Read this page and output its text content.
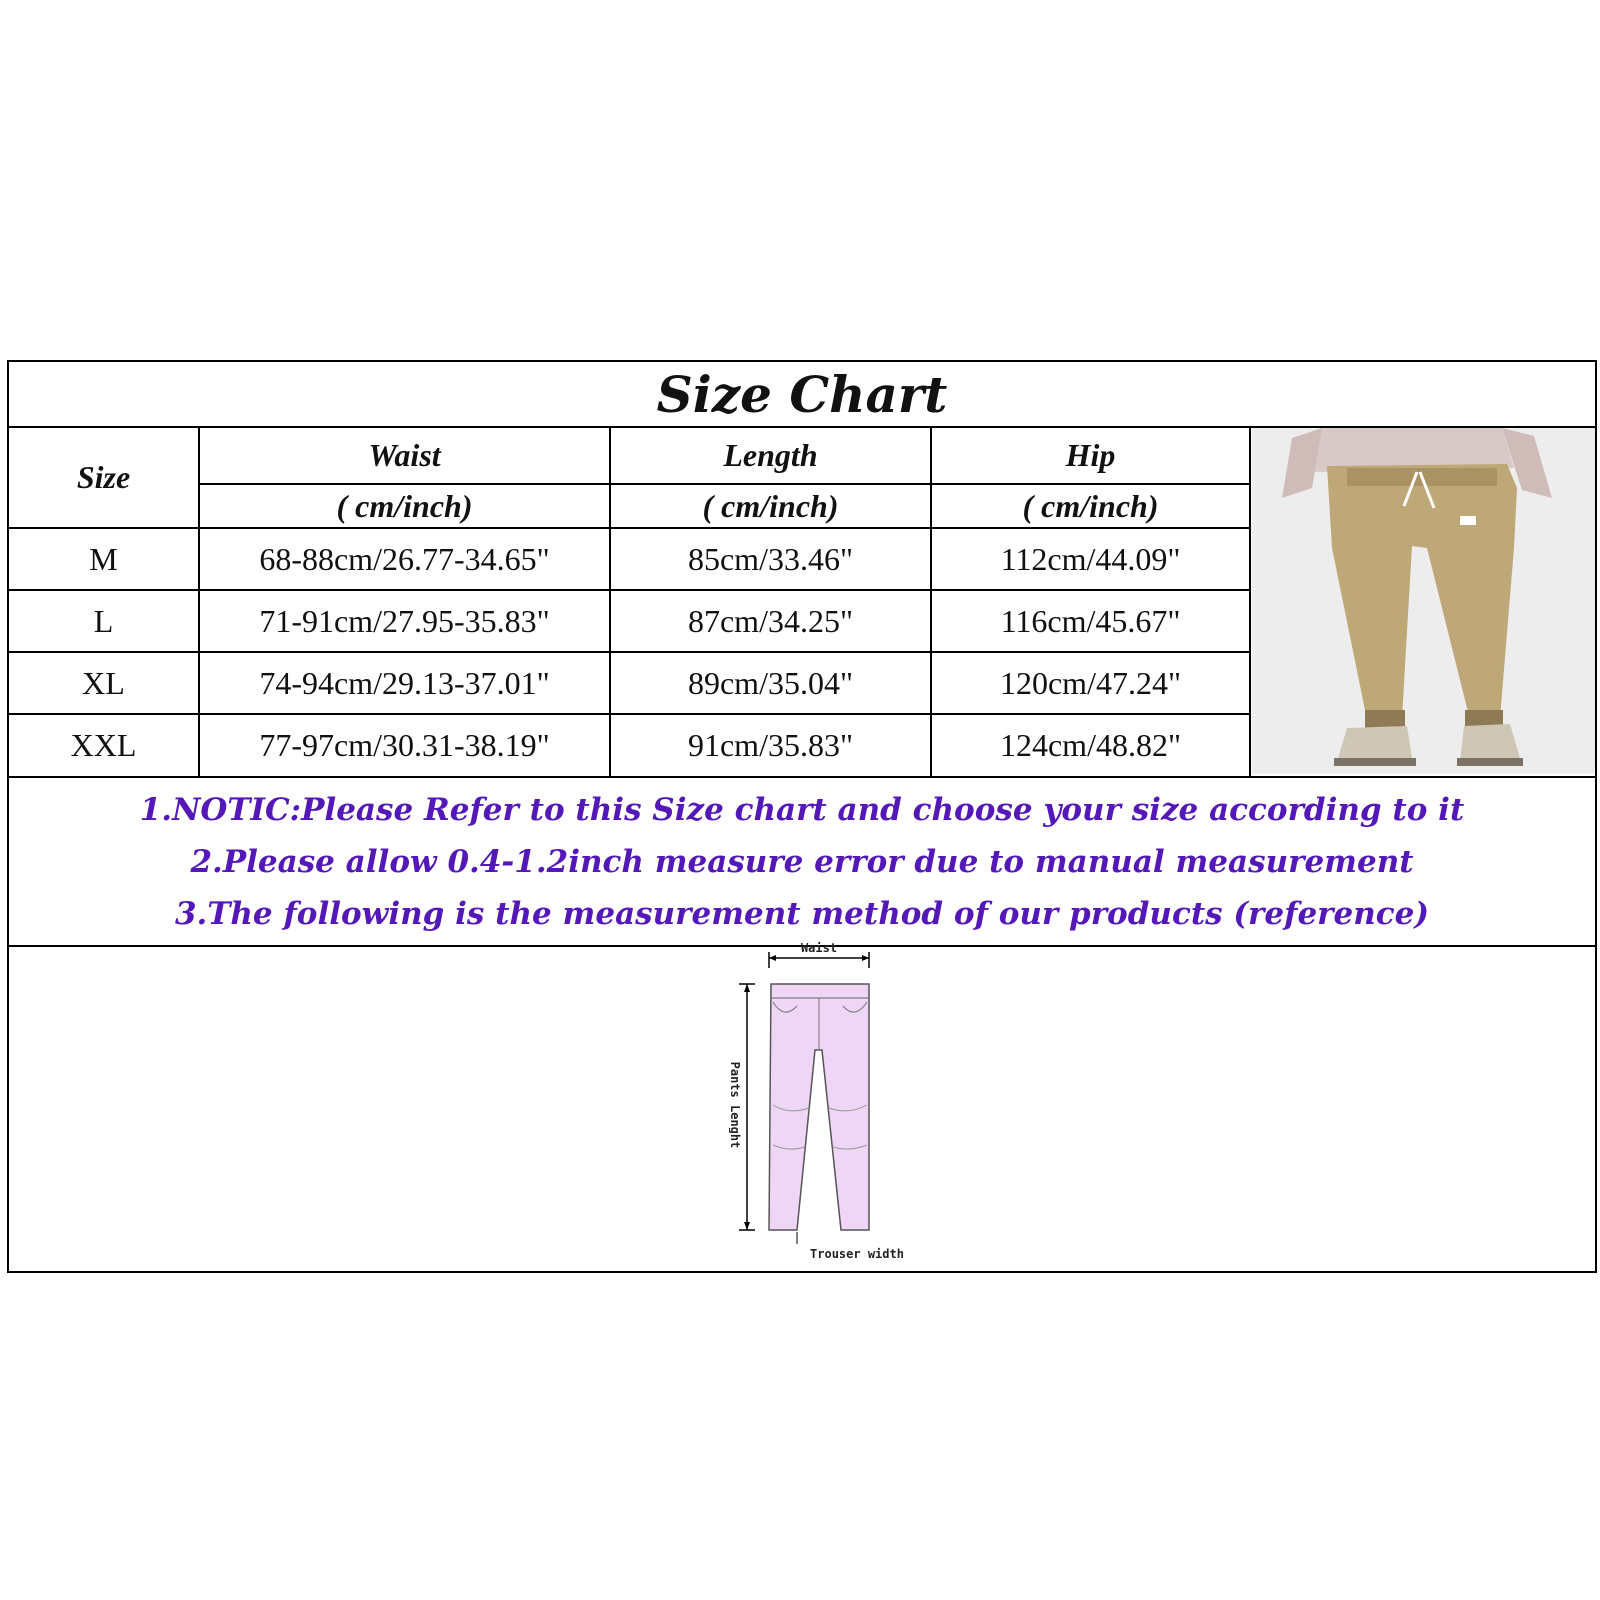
Size Chart
Size	Waist	Length	Hip
	( cm/inch)	( cm/inch)	( cm/inch)
M	68-88cm/26.77-34.65"	85cm/33.46"	112cm/44.09"
L	71-91cm/27.95-35.83"	87cm/34.25"	116cm/45.67"
XL	74-94cm/29.13-37.01"	89cm/35.04"	120cm/47.24"
XXL	77-97cm/30.31-38.19"	91cm/35.83"	124cm/48.82"
1.NOTIC:Please Refer to this Size chart and choose your size according to it
2.Please allow 0.4-1.2inch measure error due to manual measurement
3.The following is the measurement method of our products (reference)
Waist
Pants Lenght
Trouser width
